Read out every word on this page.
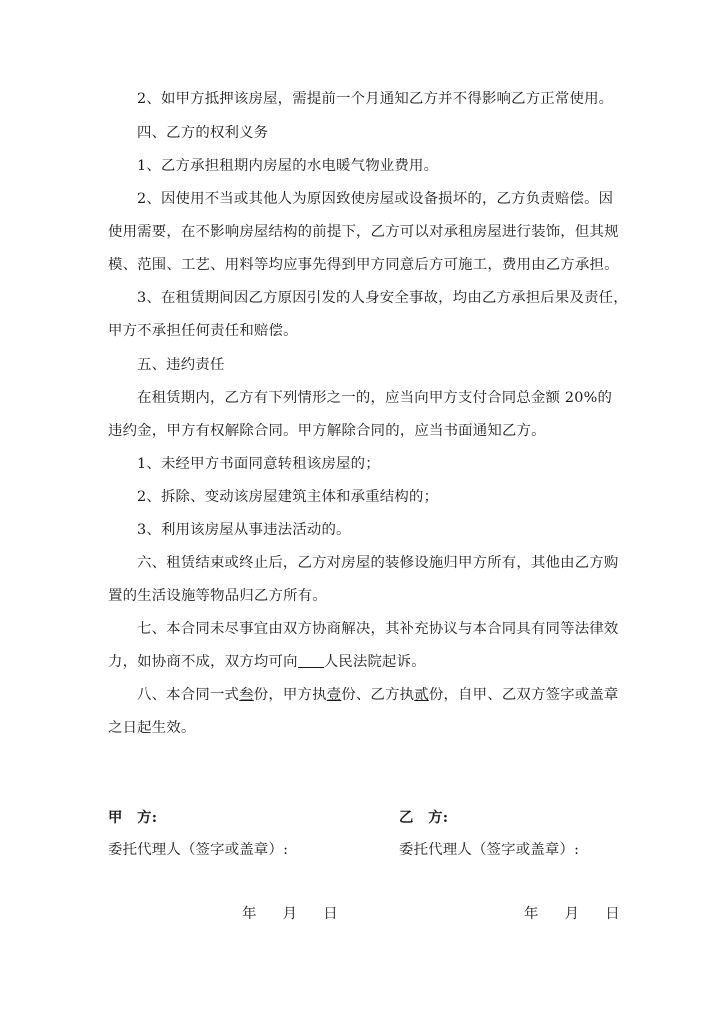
2、如甲方抵押该房屋，需提前一个月通知乙方并不得影响乙方正常使用。
四、乙方的权利义务
1、乙方承担租期内房屋的水电暖气物业费用。
2、因使用不当或其他人为原因致使房屋或设备损坏的，乙方负责赔偿。因
使用需要，在不影响房屋结构的前提下，乙方可以对承租房屋进行装饰，但其规
模、范围、工艺、用料等均应事先得到甲方同意后方可施工，费用由乙方承担。
3、在租赁期间因乙方原因引发的人身安全事故，均由乙方承担后果及责任，
甲方不承担任何责任和赔偿。
五、违约责任
在租赁期内，乙方有下列情形之一的，应当向甲方支付合同总金额 20%的
违约金，甲方有权解除合同。甲方解除合同的，应当书面通知乙方。
1、未经甲方书面同意转租该房屋的；
2、拆除、变动该房屋建筑主体和承重结构的；
3、利用该房屋从事违法活动的。
六、租赁结束或终止后，乙方对房屋的装修设施归甲方所有，其他由乙方购
置的生活设施等物品归乙方所有。
七、本合同未尽事宜由双方协商解决，其补充协议与本合同具有同等法律效
力，如协商不成，双方均可向 人民法院起诉。
八、本合同一式叁份，甲方执壹份、乙方执贰份，自甲、乙双方签字或盖章
之日起生效。
甲　方:	乙　方:
委托代理人（签字或盖章）:	委托代理人（签字或盖章）:
年 月 日	年 月 日
